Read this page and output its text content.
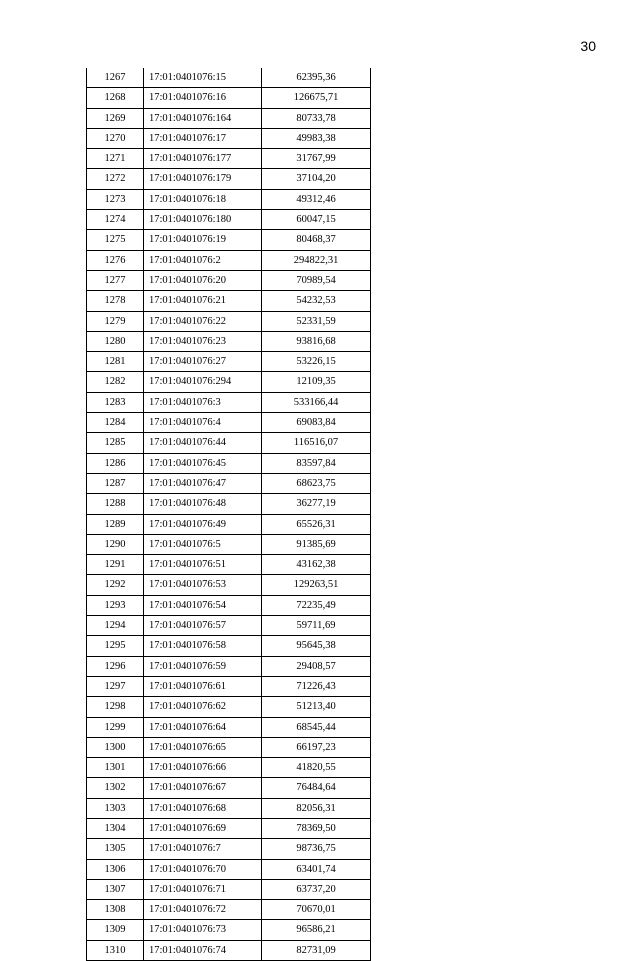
30
1267	17:01:0401076:15	62395,36
1268	17:01:0401076:16	126675,71
1269	17:01:0401076:164	80733,78
1270	17:01:0401076:17	49983,38
1271	17:01:0401076:177	31767,99
1272	17:01:0401076:179	37104,20
1273	17:01:0401076:18	49312,46
1274	17:01:0401076:180	60047,15
1275	17:01:0401076:19	80468,37
1276	17:01:0401076:2	294822,31
1277	17:01:0401076:20	70989,54
1278	17:01:0401076:21	54232,53
1279	17:01:0401076:22	52331,59
1280	17:01:0401076:23	93816,68
1281	17:01:0401076:27	53226,15
1282	17:01:0401076:294	12109,35
1283	17:01:0401076:3	533166,44
1284	17:01:0401076:4	69083,84
1285	17:01:0401076:44	116516,07
1286	17:01:0401076:45	83597,84
1287	17:01:0401076:47	68623,75
1288	17:01:0401076:48	36277,19
1289	17:01:0401076:49	65526,31
1290	17:01:0401076:5	91385,69
1291	17:01:0401076:51	43162,38
1292	17:01:0401076:53	129263,51
1293	17:01:0401076:54	72235,49
1294	17:01:0401076:57	59711,69
1295	17:01:0401076:58	95645,38
1296	17:01:0401076:59	29408,57
1297	17:01:0401076:61	71226,43
1298	17:01:0401076:62	51213,40
1299	17:01:0401076:64	68545,44
1300	17:01:0401076:65	66197,23
1301	17:01:0401076:66	41820,55
1302	17:01:0401076:67	76484,64
1303	17:01:0401076:68	82056,31
1304	17:01:0401076:69	78369,50
1305	17:01:0401076:7	98736,75
1306	17:01:0401076:70	63401,74
1307	17:01:0401076:71	63737,20
1308	17:01:0401076:72	70670,01
1309	17:01:0401076:73	96586,21
1310	17:01:0401076:74	82731,09
